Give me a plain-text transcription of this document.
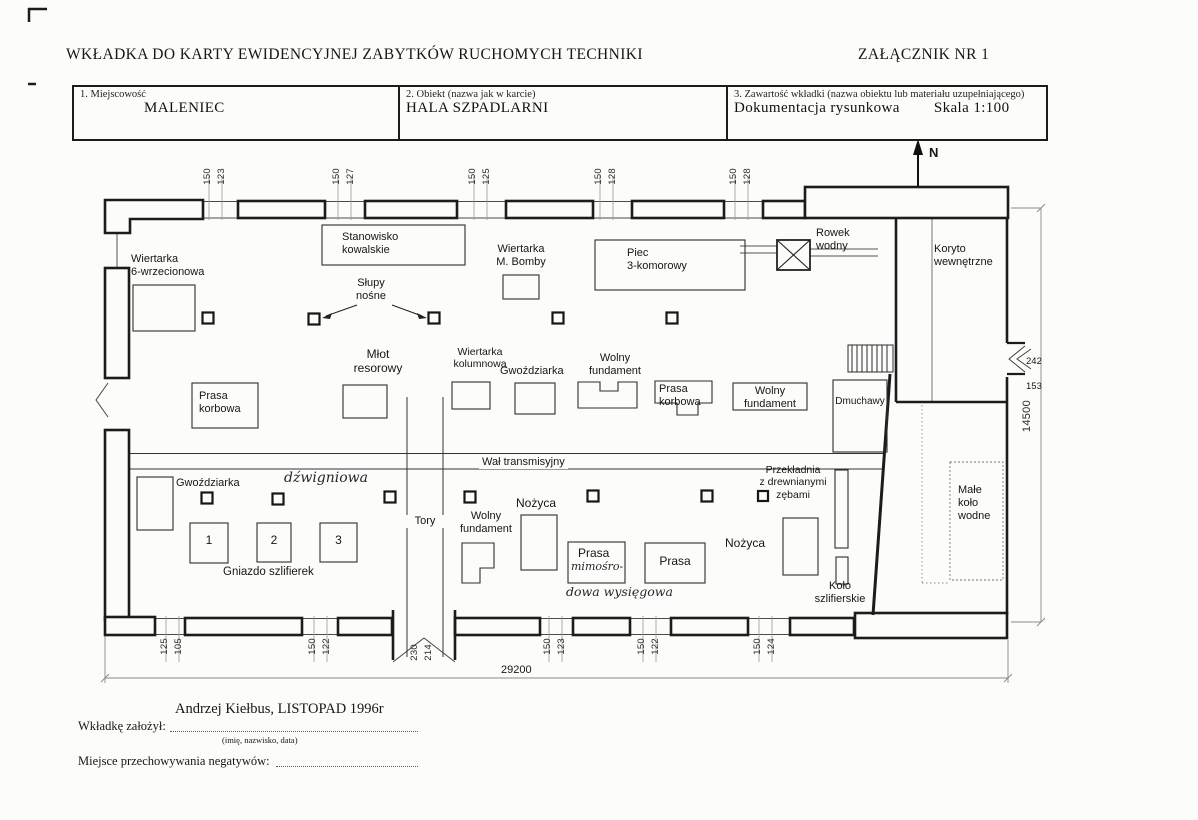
WKŁADKA DO KARTY EWIDENCYJNEJ ZABYTKÓW RUCHOMYCH TECHNIKI	ZAŁĄCZNIK NR 1
1. Miejscowość
MALENIEC
2. Obiekt (nazwa jak w karcie)
HALA SZPADLARNI
3. Zawartość wkładki (nazwa obiektu lub materiału uzupełniającego)
Dokumentacja rysunkowa Skala 1:100
N
Wiertarka
6-wrzecionowa
Stanowisko
kowalskie
Słupy
nośne
Wiertarka
M. Bomby
Piec
3-komorowy
Rowek
wodny	Koryto
wewnętrzne
Prasa
korbowa
Młot
resorowy
Wiertarka
kolumnowa
Gwoździarka
Wolny
fundament
Prasa
korbowa
Wolny
fundament	Dmuchawy
Wał transmisyjny
Przekładnia
z drewnianymi
zębami
Gwoździarka	dźwigniowa
1	2	3
Gniazdo szlifierek
Tory	Wolny
fundament
Nożyca
Prasa
mimośro-
dowa wysięgowa
Prasa
Nożyca
Koło
szlifierskie
Małe
koło
wodne

242

153

29200
14500
150 123	150 127	150 125	150 128	150 128
125 105	150 122	230 214	150 123	150 122	150 124
Andrzej Kiełbus, LISTOPAD 1996r
Wkładkę założył:
(imię, nazwisko, data)
Miejsce przechowywania negatywów:
